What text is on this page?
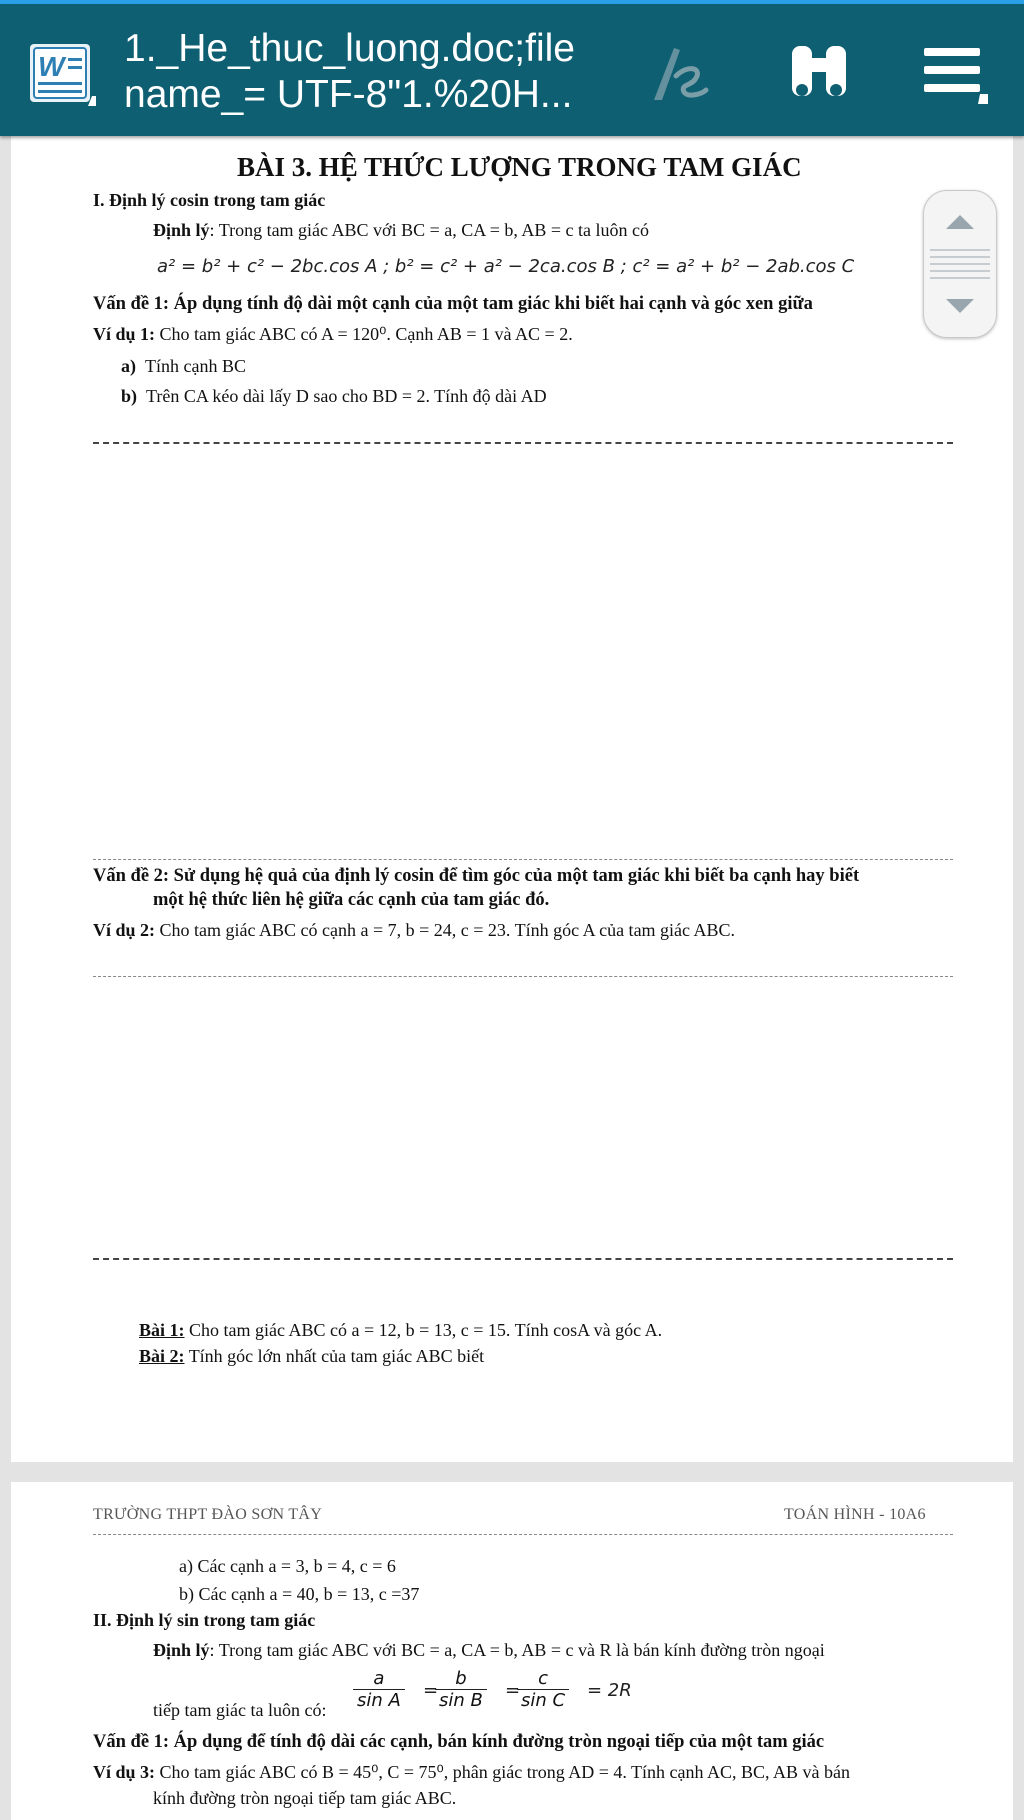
W 1._He_thuc_luong.doc;file
name_= UTF-8"1.%20H...
BÀI 3. HỆ THỨC LƯỢNG TRONG TAM GIÁC
I. Định lý cosin trong tam giác
Định lý: Trong tam giác ABC với BC = a, CA = b, AB = c ta luôn có
a² = b² + c² − 2bc.cos A ; b² = c² + a² − 2ca.cos B ; c² = a² + b² − 2ab.cos C
Vấn đề 1: Áp dụng tính độ dài một cạnh của một tam giác khi biết hai cạnh và góc xen giữa
Ví dụ 1: Cho tam giác ABC có A = 120⁰. Cạnh AB = 1 và AC = 2.
a) Tính cạnh BC
b) Trên CA kéo dài lấy D sao cho BD = 2. Tính độ dài AD
Vấn đề 2: Sử dụng hệ quả của định lý cosin để tìm góc của một tam giác khi biết ba cạnh hay biết
một hệ thức liên hệ giữa các cạnh của tam giác đó.
Ví dụ 2: Cho tam giác ABC có cạnh a = 7, b = 24, c = 23. Tính góc A của tam giác ABC.
Bài 1: Cho tam giác ABC có a = 12, b = 13, c = 15. Tính cosA và góc A.
Bài 2: Tính góc lớn nhất của tam giác ABC biết
TRƯỜNG THPT ĐÀO SƠN TÂY	TOÁN HÌNH - 10A6
a) Các cạnh a = 3, b = 4, c = 6
b) Các cạnh a = 40, b = 13, c =37
II. Định lý sin trong tam giác
Định lý: Trong tam giác ABC với BC = a, CA = b, AB = c và R là bán kính đường tròn ngoại
tiếp tam giác ta luôn có: $\frac{a}{\text{sin A}}$ =
$\frac{b}{\text{sin B}}$ =
$\frac{c}{\text{sin C}} = 2R$
Vấn đề 1: Áp dụng để tính độ dài các cạnh, bán kính đường tròn ngoại tiếp của một tam giác
Ví dụ 3: Cho tam giác ABC có B = 45⁰, C = 75⁰, phân giác trong AD = 4. Tính cạnh AC, BC, AB và bán
kính đường tròn ngoại tiếp tam giác ABC.
